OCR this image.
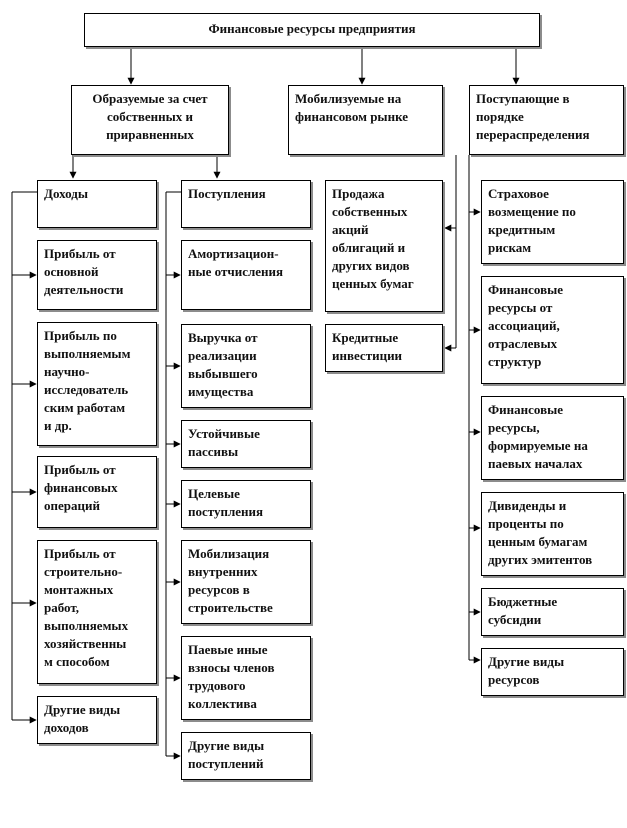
Финансовые ресурсы предприятия
Образуемые за счет
собственных и
приравненных
Мобилизуемые на
финансовом рынке
Поступающие в
порядке
перераспределения
Доходы
Прибыль от
основной
деятельности
Прибыль по
выполняемым
научно-
исследователь
ским работам
и др.
Прибыль от
финансовых
операций
Прибыль от
строительно-
монтажных
работ,
выполняемых
хозяйственны
м способом
Другие виды
доходов
Поступления
Амортизацион-
ные отчисления
Выручка от
реализации
выбывшего
имущества
Устойчивые
пассивы
Целевые
поступления
Мобилизация
внутренних
ресурсов в
строительстве
Паевые иные
взносы членов
трудового
коллектива
Другие виды
поступлений
Продажа
собственных
акций
облигаций и
других видов
ценных бумаг
Кредитные
инвестиции
Страховое
возмещение по
кредитным
рискам
Финансовые
ресурсы от
ассоциаций,
отраслевых
структур
Финансовые
ресурсы,
формируемые на
паевых началах
Дивиденды и
проценты по
ценным бумагам
других эмитентов
Бюджетные
субсидии
Другие виды
ресурсов
